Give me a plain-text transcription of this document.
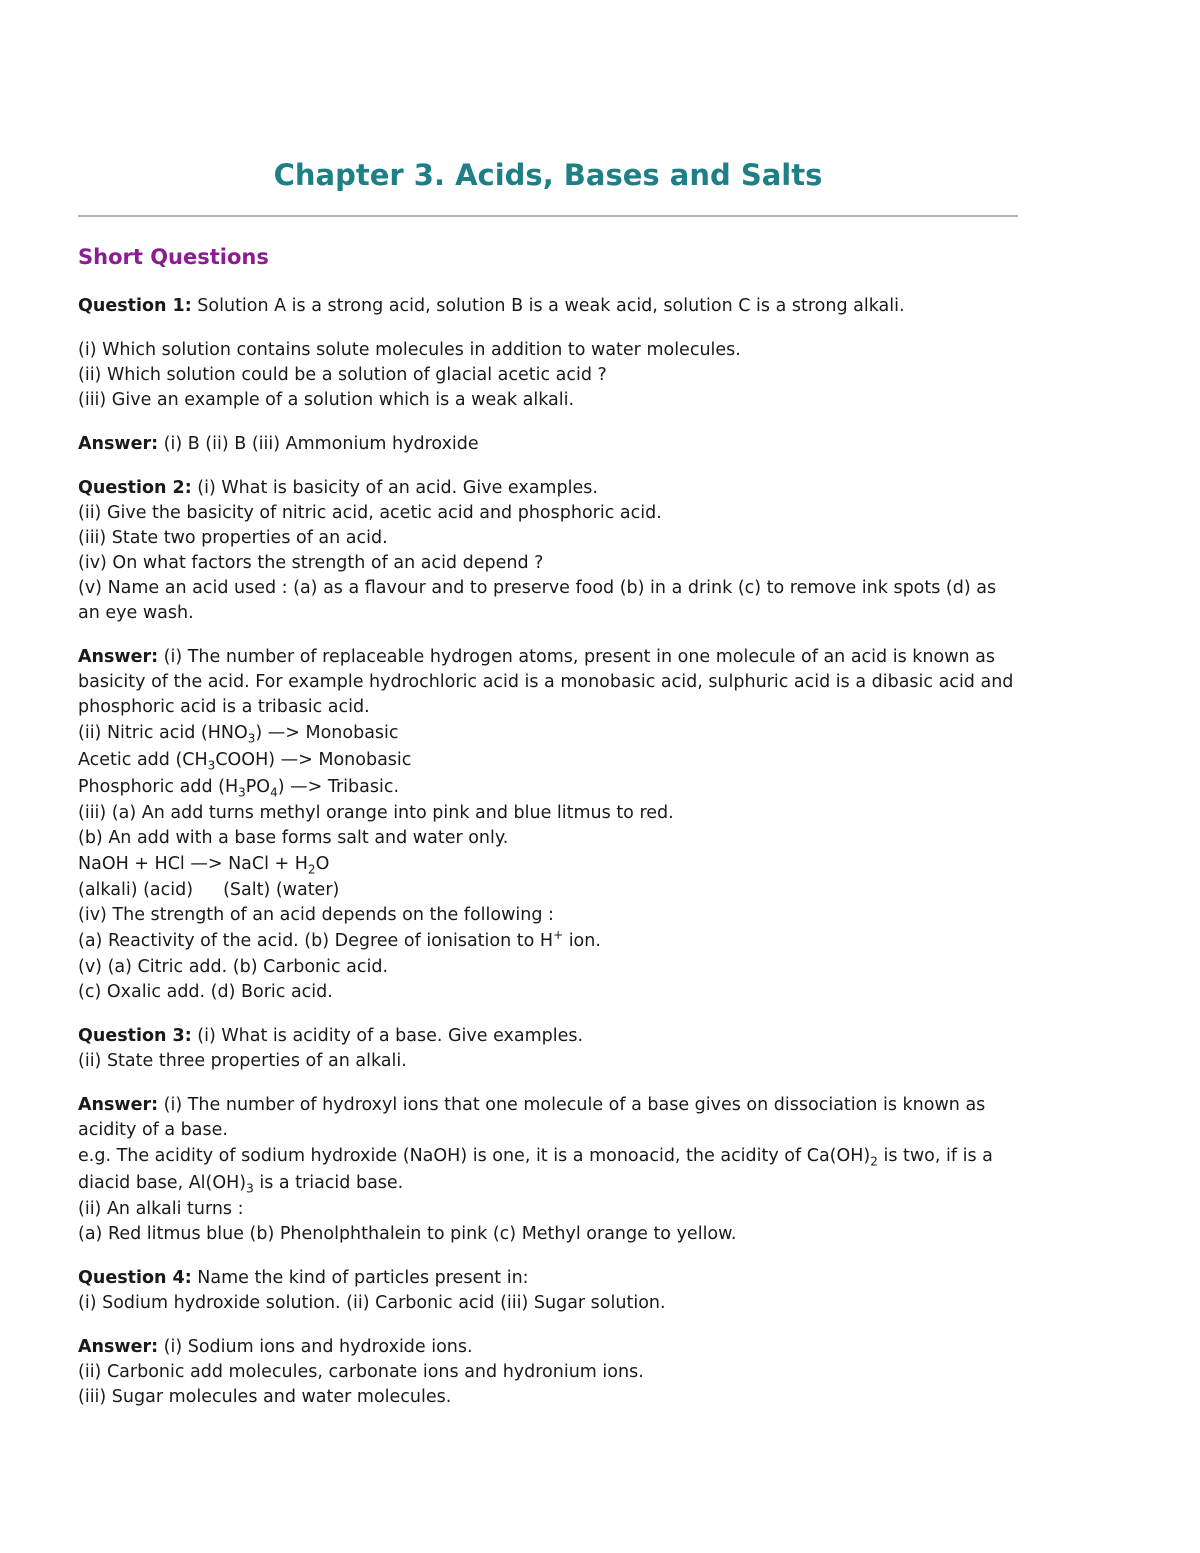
Chapter 3. Acids, Bases and Salts
Short Questions

Question 1: Solution A is a strong acid, solution B is a weak acid, solution C is a strong alkali.

(i) Which solution contains solute molecules in addition to water molecules.
(ii) Which solution could be a solution of glacial acetic acid ?
(iii) Give an example of a solution which is a weak alkali.

Answer: (i) B (ii) B (iii) Ammonium hydroxide

Question 2: (i) What is basicity of an acid. Give examples.
(ii) Give the basicity of nitric acid, acetic acid and phosphoric acid.
(iii) State two properties of an acid.
(iv) On what factors the strength of an acid depend ?
(v) Name an acid used : (a) as a flavour and to preserve food (b) in a drink (c) to remove ink spots (d) as an eye wash.

Answer: (i) The number of replaceable hydrogen atoms, present in one molecule of an acid is known as basicity of the acid. For example hydrochloric acid is a monobasic acid, sulphuric acid is a dibasic acid and phosphoric acid is a tribasic acid.
(ii) Nitric acid $(HNO_3)$ —> Monobasic
Acetic add $(CH_3COOH)$ —> Monobasic
Phosphoric add $(H_3PO_4)$ —> Tribasic.
(iii) (a) An add turns methyl orange into pink and blue litmus to red.
(b) An add with a base forms salt and water only.
NaOH + HCl —> NaCl + $H_2O$
(alkali) (acid) (Salt) (water)
(iv) The strength of an acid depends on the following :
(a) Reactivity of the acid. (b) Degree of ionisation to H+ ion.
(v) (a) Citric add. (b) Carbonic acid.
(c) Oxalic add. (d) Boric acid.

Question 3: (i) What is acidity of a base. Give examples.
(ii) State three properties of an alkali.

Answer: (i) The number of hydroxyl ions that one molecule of a base gives on dissociation is known as acidity of a base.
e.g. The acidity of sodium hydroxide (NaOH) is one, it is a monoacid, the acidity of $Ca(OH)_2$ is two, if is a diacid base, $Al(OH)_3$ is a triacid base.
(ii) An alkali turns :
(a) Red litmus blue (b) Phenolphthalein to pink (c) Methyl orange to yellow.

Question 4: Name the kind of particles present in:
(i) Sodium hydroxide solution. (ii) Carbonic acid (iii) Sugar solution.

Answer: (i) Sodium ions and hydroxide ions.
(ii) Carbonic add molecules, carbonate ions and hydronium ions.
(iii) Sugar molecules and water molecules.
